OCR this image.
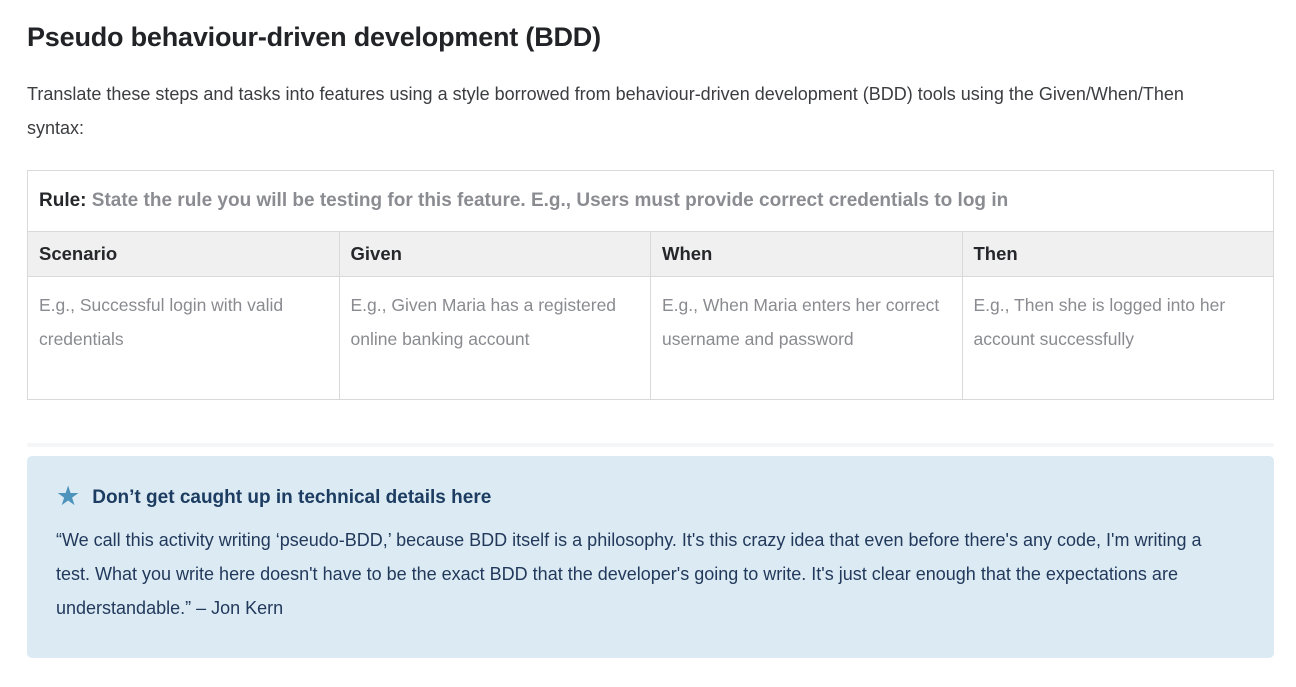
Pseudo behaviour-driven development (BDD)

Translate these steps and tasks into features using a style borrowed from behaviour-driven development (BDD) tools using the Given/When/Then syntax:

Rule: State the rule you will be testing for this feature. E.g., Users must provide correct credentials to log in			
Scenario	Given	When	Then
E.g., Successful login with valid credentials	E.g., Given Maria has a registered online banking account	E.g., When Maria enters her correct username and password	E.g., Then she is logged into her account successfully
★ Don’t get caught up in technical details here

“We call this activity writing ‘pseudo-BDD,’ because BDD itself is a philosophy. It's this crazy idea that even before there's any code, I'm writing a test. What you write here doesn't have to be the exact BDD that the developer's going to write. It's just clear enough that the expectations are understandable.” – Jon Kern
